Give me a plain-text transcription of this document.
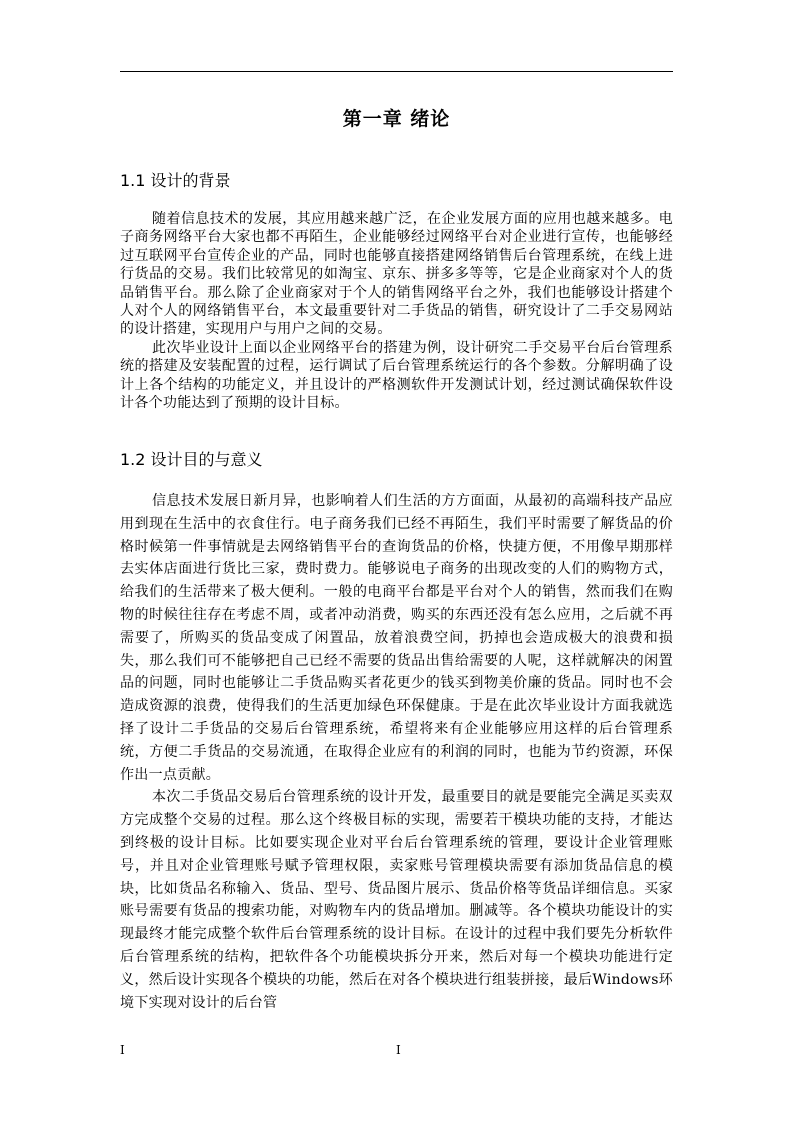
第一章 绪论
1.1 设计的背景

随着信息技术的发展，其应用越来越广泛，在企业发展方面的应用也越来越多。电子商务网络平台大家也都不再陌生，企业能够经过网络平台对企业进行宣传，也能够经过互联网平台宣传企业的产品，同时也能够直接搭建网络销售后台管理系统，在线上进行货品的交易。我们比较常见的如淘宝、京东、拼多多等等，它是企业商家对个人的货品销售平台。那么除了企业商家对于个人的销售网络平台之外，我们也能够设计搭建个人对个人的网络销售平台，本文最重要针对二手货品的销售，研究设计了二手交易网站的设计搭建，实现用户与用户之间的交易。

此次毕业设计上面以企业网络平台的搭建为例，设计研究二手交易平台后台管理系统的搭建及安装配置的过程，运行调试了后台管理系统运行的各个参数。分解明确了设计上各个结构的功能定义，并且设计的严格测软件开发测试计划，经过测试确保软件设计各个功能达到了预期的设计目标。

1.2 设计目的与意义

信息技术发展日新月异，也影响着人们生活的方方面面，从最初的高端科技产品应用到现在生活中的衣食住行。电子商务我们已经不再陌生，我们平时需要了解货品的价格时候第一件事情就是去网络销售平台的查询货品的价格，快捷方便，不用像早期那样去实体店面进行货比三家，费时费力。能够说电子商务的出现改变的人们的购物方式，给我们的生活带来了极大便利。一般的电商平台都是平台对个人的销售，然而我们在购物的时候往往存在考虑不周，或者冲动消费，购买的东西还没有怎么应用，之后就不再需要了，所购买的货品变成了闲置品，放着浪费空间，扔掉也会造成极大的浪费和损失，那么我们可不能够把自己已经不需要的货品出售给需要的人呢，这样就解决的闲置品的问题，同时也能够让二手货品购买者花更少的钱买到物美价廉的货品。同时也不会造成资源的浪费，使得我们的生活更加绿色环保健康。于是在此次毕业设计方面我就选择了设计二手货品的交易后台管理系统，希望将来有企业能够应用这样的后台管理系统，方便二手货品的交易流通，在取得企业应有的利润的同时，也能为节约资源，环保作出一点贡献。

本次二手货品交易后台管理系统的设计开发，最重要目的就是要能完全满足买卖双方完成整个交易的过程。那么这个终极目标的实现，需要若干模块功能的支持，才能达到终极的设计目标。比如要实现企业对平台后台管理系统的管理，要设计企业管理账号，并且对企业管理账号赋予管理权限，卖家账号管理模块需要有添加货品信息的模块，比如货品名称输入、货品、型号、货品图片展示、货品价格等货品详细信息。买家账号需要有货品的搜索功能，对购物车内的货品增加。删减等。各个模块功能设计的实现最终才能完成整个软件后台管理系统的设计目标。在设计的过程中我们要先分析软件后台管理系统的结构，把软件各个功能模块拆分开来，然后对每一个模块功能进行定义，然后设计实现各个模块的功能，然后在对各个模块进行组装拼接，最后Windows环境下实现对设计的后台管

I	I
